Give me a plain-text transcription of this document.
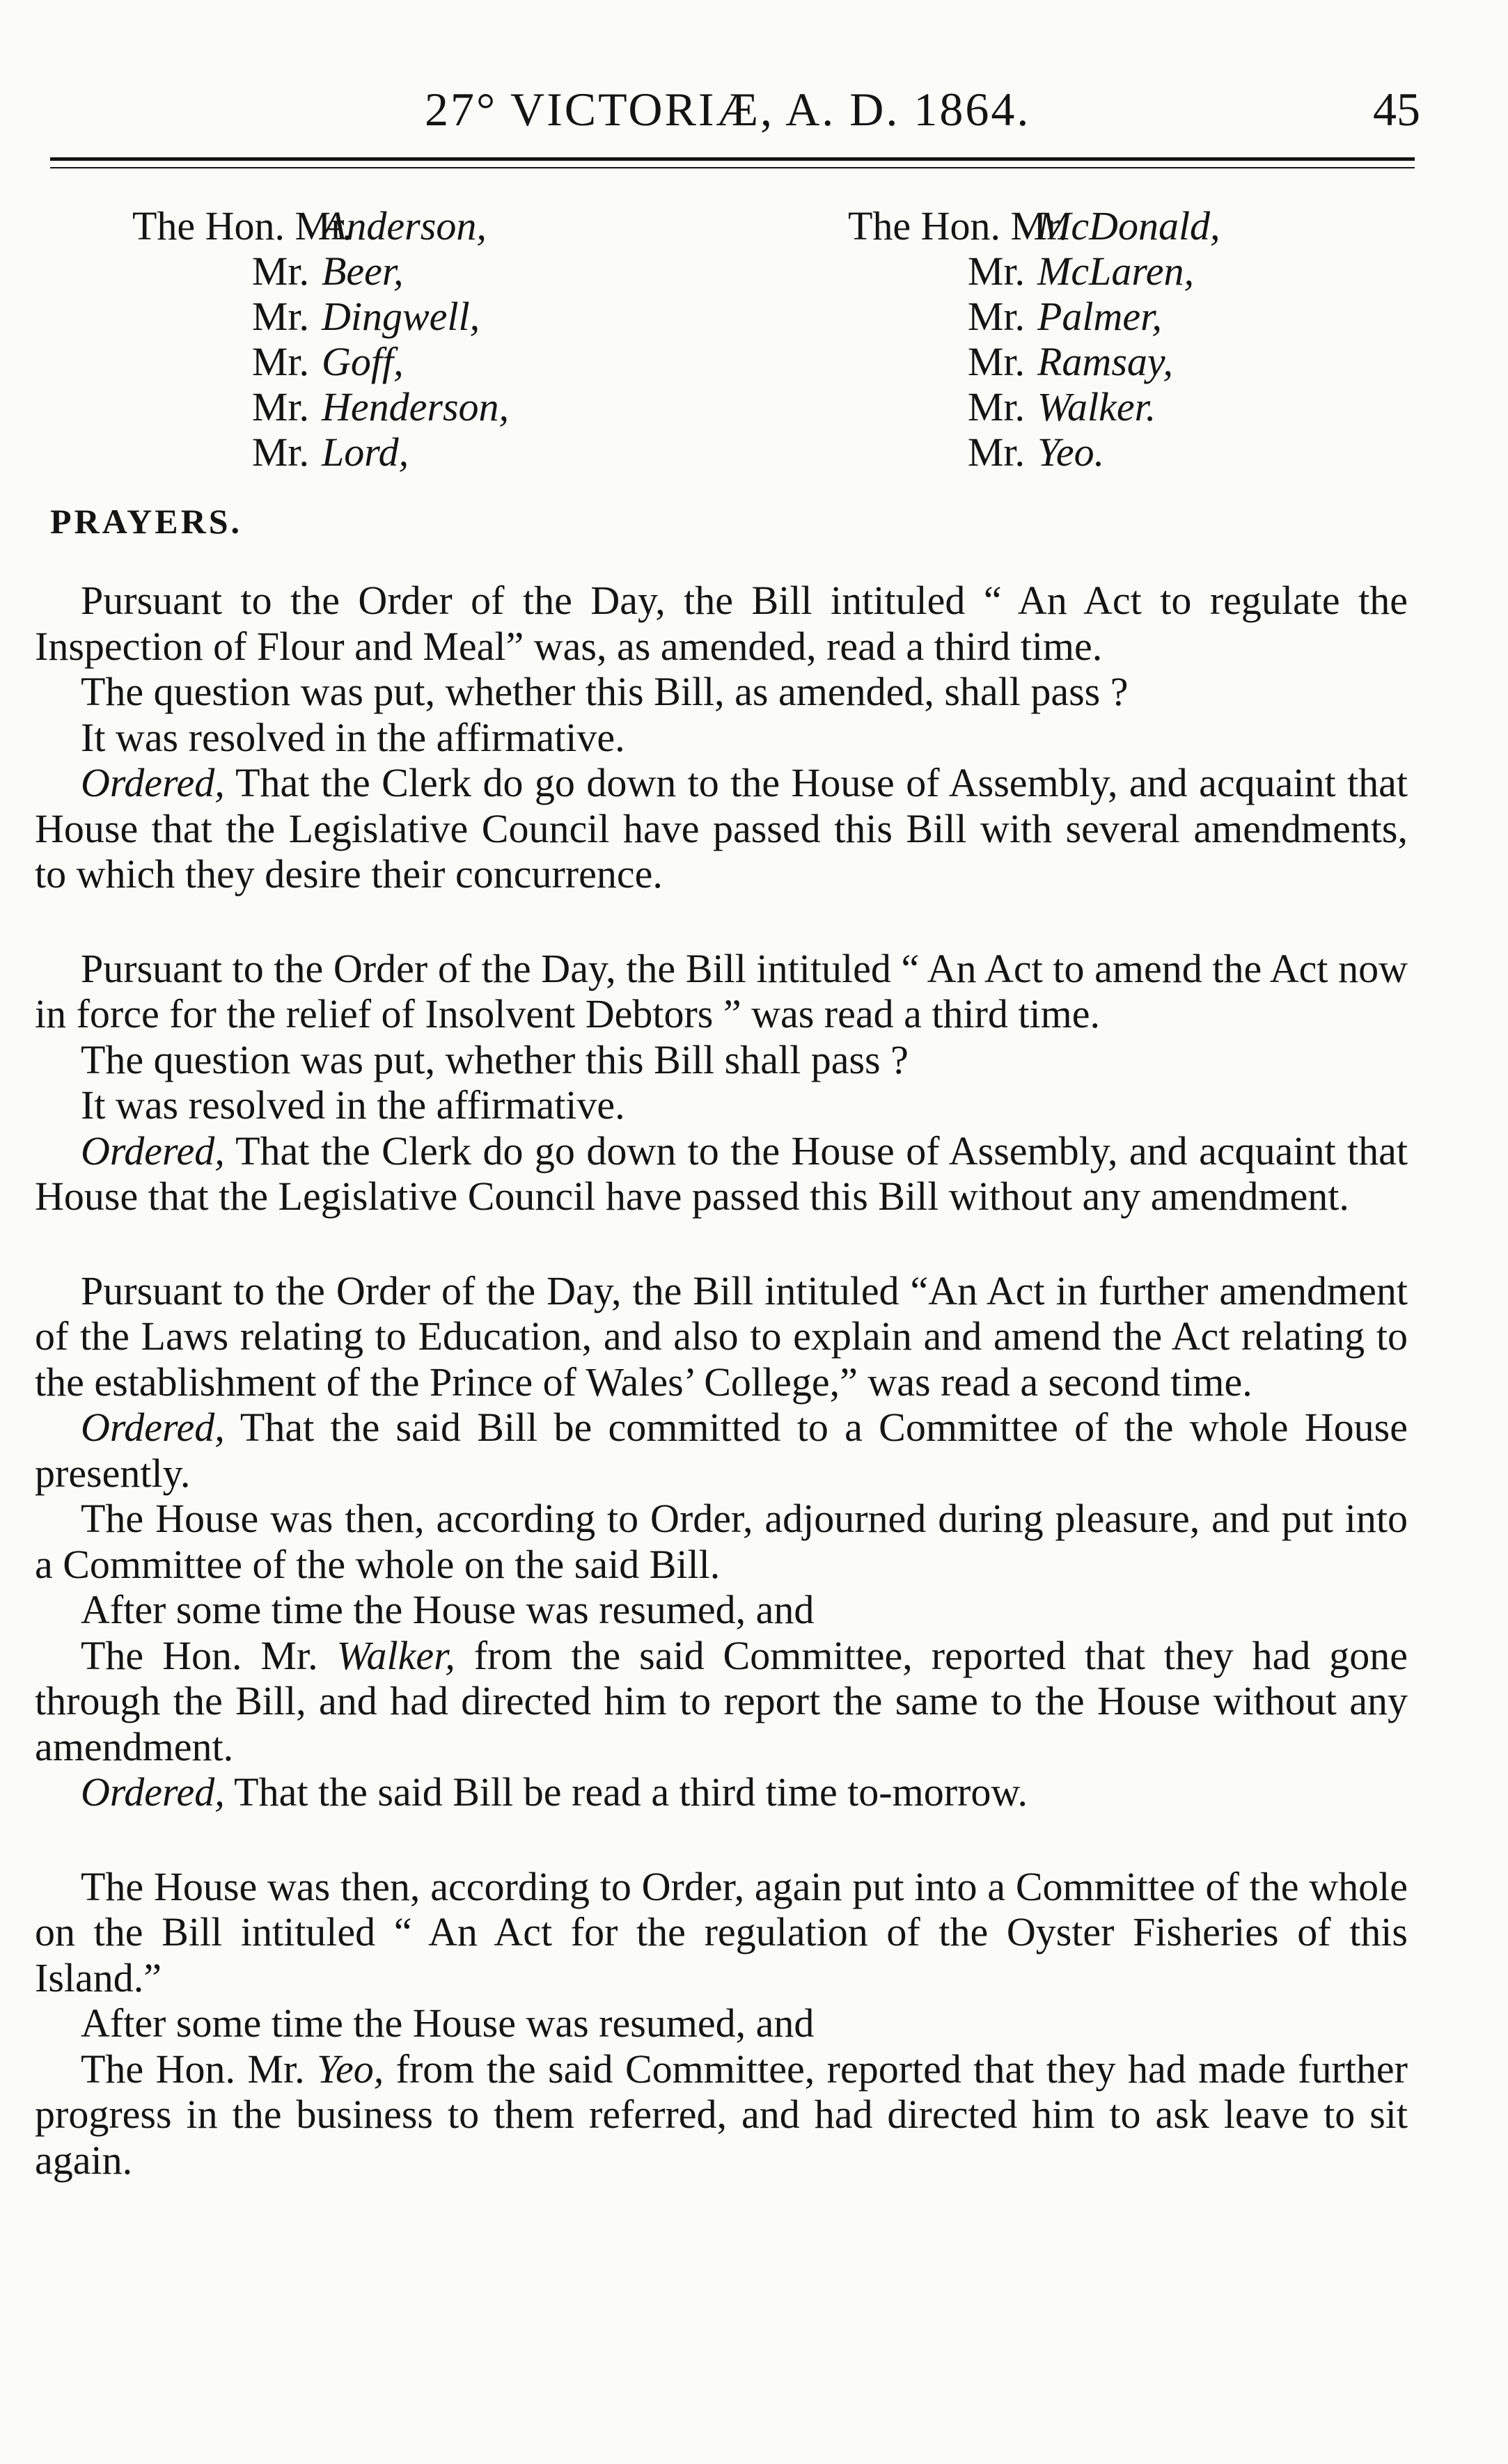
27° VICTORIÆ, A. D. 1864.	45
The Hon. Mr.Anderson,
Mr. Beer,
Mr. Dingwell,
Mr. Goff,
Mr. Henderson,
Mr. Lord,
The Hon. Mr.McDonald,
Mr. McLaren,
Mr. Palmer,
Mr. Ramsay,
Mr. Walker.
Mr. Yeo.
PRAYERS.

Pursuant to the Order of the Day, the Bill intituled “ An Act to regulate the Inspection of Flour and Meal” was, as amended, read a third time.

The question was put, whether this Bill, as amended, shall pass ?

It was resolved in the affirmative.

Ordered, That the Clerk do go down to the House of Assembly, and acquaint that House that the Legislative Council have passed this Bill with several amendments, to which they desire their concurrence.

Pursuant to the Order of the Day, the Bill intituled “ An Act to amend the Act now in force for the relief of Insolvent Debtors ” was read a third time.

The question was put, whether this Bill shall pass ?

It was resolved in the affirmative.

Ordered, That the Clerk do go down to the House of Assembly, and acquaint that House that the Legislative Council have passed this Bill without any amendment.

Pursuant to the Order of the Day, the Bill intituled “An Act in further amendment of the Laws relating to Education, and also to explain and amend the Act relating to the establishment of the Prince of Wales’ College,” was read a second time.

Ordered, That the said Bill be committed to a Committee of the whole House presently.

The House was then, according to Order, adjourned during pleasure, and put into a Committee of the whole on the said Bill.

After some time the House was resumed, and

The Hon. Mr. Walker, from the said Committee, reported that they had gone through the Bill, and had directed him to report the same to the House without any amendment.

Ordered, That the said Bill be read a third time to-morrow.

The House was then, according to Order, again put into a Committee of the whole on the Bill intituled “ An Act for the regulation of the Oyster Fisheries of this Island.”

After some time the House was resumed, and

The Hon. Mr. Yeo, from the said Committee, reported that they had made further progress in the business to them referred, and had directed him to ask leave to sit again.
